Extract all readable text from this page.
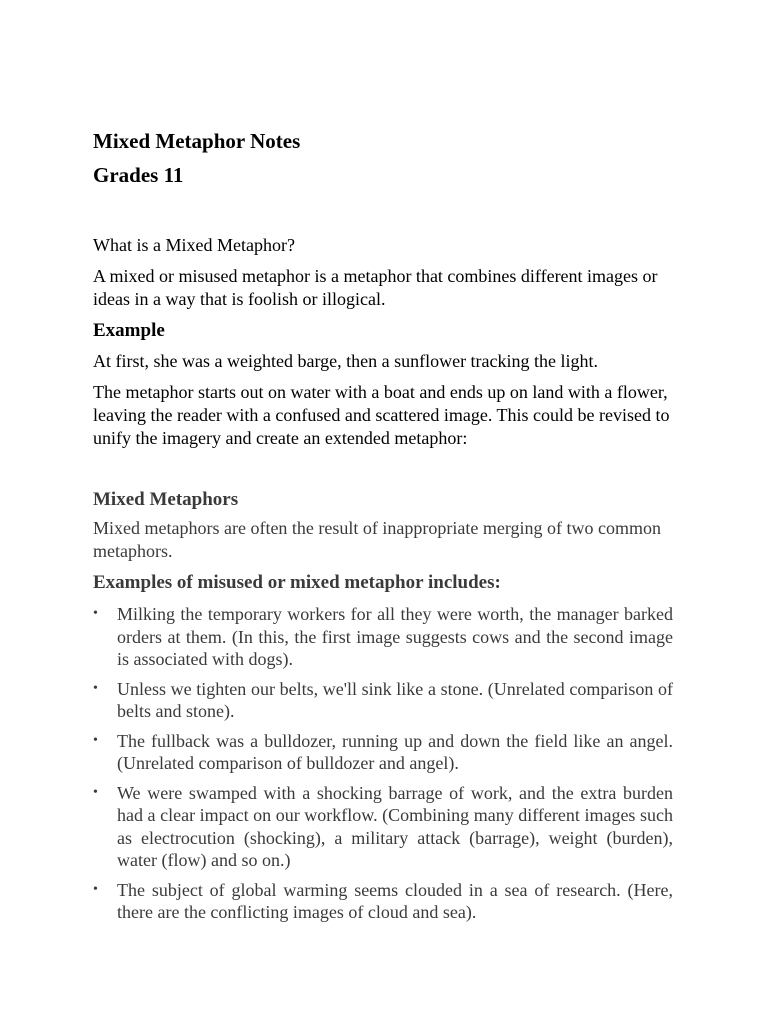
Mixed Metaphor Notes
Grades 11

What is a Mixed Metaphor?

A mixed or misused metaphor is a metaphor that combines different images or ideas in a way that is foolish or illogical.

Example

At first, she was a weighted barge, then a sunflower tracking the light.

The metaphor starts out on water with a boat and ends up on land with a flower, leaving the reader with a confused and scattered image. This could be revised to unify the imagery and create an extended metaphor:

Mixed Metaphors

Mixed metaphors are often the result of inappropriate merging of two common metaphors.

Examples of misused or mixed metaphor includes:
• Milking the temporary workers for all they were worth, the manager barked orders at them. (In this, the first image suggests cows and the second image is associated with dogs).
• Unless we tighten our belts, we'll sink like a stone. (Unrelated comparison of belts and stone).
• The fullback was a bulldozer, running up and down the field like an angel. (Unrelated comparison of bulldozer and angel).
• We were swamped with a shocking barrage of work, and the extra burden had a clear impact on our workflow. (Combining many different images such as electrocution (shocking), a military attack (barrage), weight (burden), water (flow) and so on.)
• The subject of global warming seems clouded in a sea of research. (Here, there are the conflicting images of cloud and sea).
